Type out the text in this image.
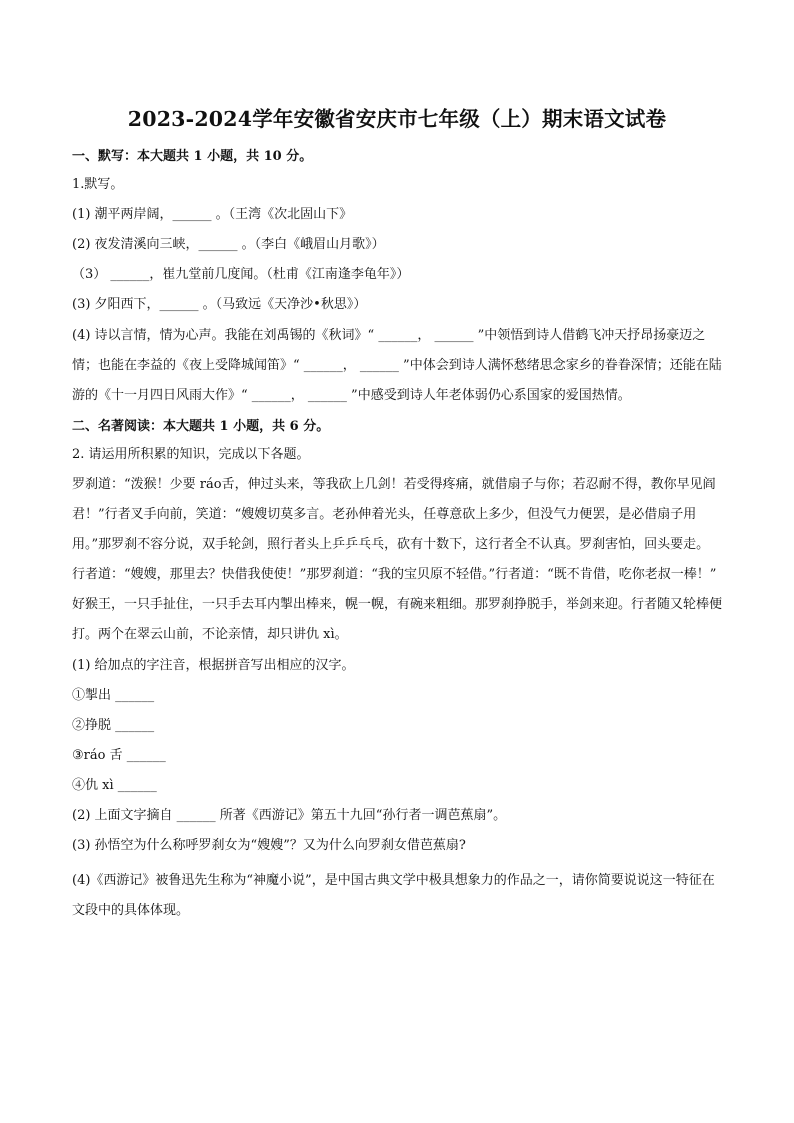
2023-2024学年安徽省安庆市七年级（上）期末语文试卷
一、默写：本大题共 1 小题，共 10 分。
1.默写。
(1) 潮平两岸阔，______ 。（王湾《次北固山下》
(2) 夜发清溪向三峡，______ 。（李白《峨眉山月歌》）
（3） ______，崔九堂前几度闻。（杜甫《江南逢李龟年》）
(3) 夕阳西下，______ 。（马致远《天净沙•秋思》）
(4) 诗以言情，情为心声。我能在刘禹锡的《秋词》“ ______， ______ ”中领悟到诗人借鹤飞冲天抒昂扬豪迈之情；也能在李益的《夜上受降城闻笛》“ ______， ______ ”中体会到诗人满怀愁绪思念家乡的眷眷深情；还能在陆游的《十一月四日风雨大作》“ ______， ______ ”中感受到诗人年老体弱仍心系国家的爱国热情。
二、名著阅读：本大题共 1 小题，共 6 分。
2. 请运用所积累的知识，完成以下各题。
罗刹道：“泼猴！少要 ráo舌，伸过头来，等我砍上几剑！若受得疼痛，就借扇子与你；若忍耐不得，教你早见阎君！”行者叉手向前，笑道：“嫂嫂切莫多言。老孙伸着光头，任尊意砍上多少，但没气力便罢，是必借扇子用用。”那罗刹不容分说，双手轮剑，照行者头上乒乒乓乓，砍有十数下，这行者全不认真。罗刹害怕，回头要走。行者道：“嫂嫂，那里去？快借我使使！”那罗刹道：“我的宝贝原不轻借。”行者道：“既不肯借，吃你老叔一棒！”
好猴王，一只手扯住，一只手去耳内掣出棒来，幌一幌，有碗来粗细。那罗刹挣脱手，举剑来迎。行者随又轮棒便打。两个在翠云山前，不论亲情，却只讲仇 xì。
(1) 给加点的字注音，根据拼音写出相应的汉字。
①掣出 ______
②挣脱 ______
③ráo 舌 ______
④仇 xì ______
(2) 上面文字摘自 ______ 所著《西游记》第五十九回“孙行者一调芭蕉扇”。
(3) 孙悟空为什么称呼罗刹女为“嫂嫂”？又为什么向罗刹女借芭蕉扇?
(4)《西游记》被鲁迅先生称为“神魔小说”，是中国古典文学中极具想象力的作品之一，请你简要说说这一特征在文段中的具体体现。
